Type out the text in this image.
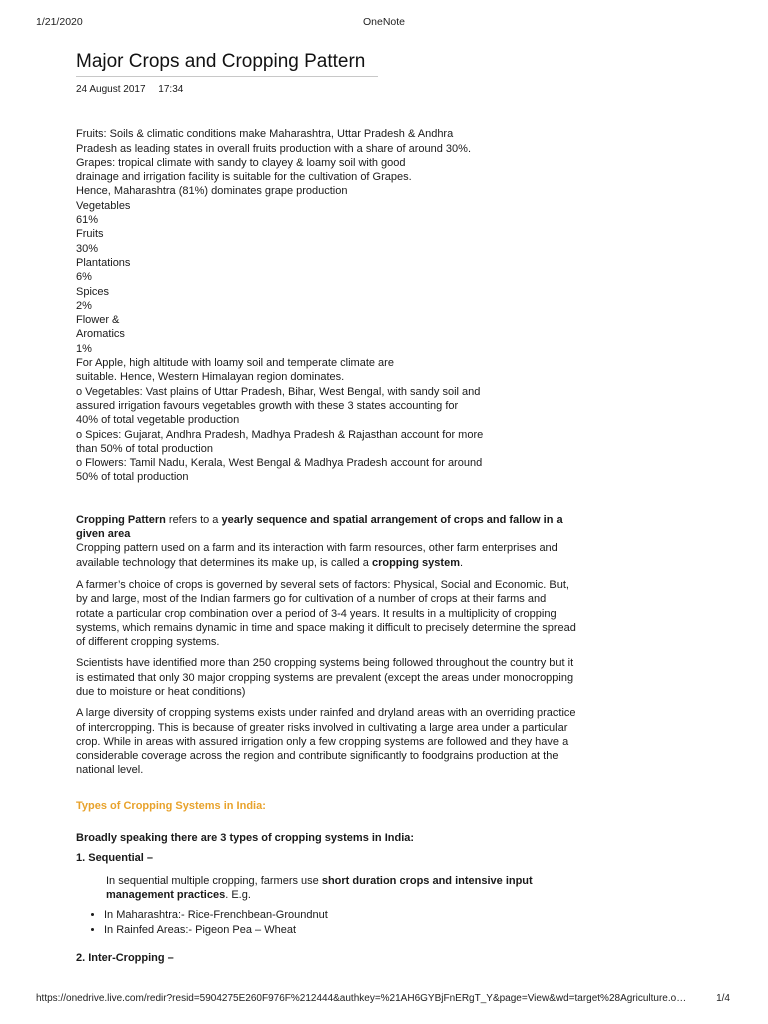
1/21/2020	OneNote
Major Crops and Cropping Pattern
24 August 2017 17:34
Fruits: Soils & climatic conditions make Maharashtra, Uttar Pradesh & Andhra
Pradesh as leading states in overall fruits production with a share of around 30%.
Grapes: tropical climate with sandy to clayey & loamy soil with good
drainage and irrigation facility is suitable for the cultivation of Grapes.
Hence, Maharashtra (81%) dominates grape production
Vegetables
61%
Fruits
30%
Plantations
6%
Spices
2%
Flower &
Aromatics
1%
For Apple, high altitude with loamy soil and temperate climate are
suitable. Hence, Western Himalayan region dominates.
o Vegetables: Vast plains of Uttar Pradesh, Bihar, West Bengal, with sandy soil and
assured irrigation favours vegetables growth with these 3 states accounting for
40% of total vegetable production
o Spices: Gujarat, Andhra Pradesh, Madhya Pradesh & Rajasthan account for more
than 50% of total production
o Flowers: Tamil Nadu, Kerala, West Bengal & Madhya Pradesh account for around
50% of total production
Cropping Pattern refers to a yearly sequence and spatial arrangement of crops and fallow in a given area
Cropping pattern used on a farm and its interaction with farm resources, other farm enterprises and available technology that determines its make up, is called a cropping system.
A farmer’s choice of crops is governed by several sets of factors: Physical, Social and Economic. But, by and large, most of the Indian farmers go for cultivation of a number of crops at their farms and rotate a particular crop combination over a period of 3-4 years. It results in a multiplicity of cropping systems, which remains dynamic in time and space making it difficult to precisely determine the spread of different cropping systems.
Scientists have identified more than 250 cropping systems being followed throughout the country but it is estimated that only 30 major cropping systems are prevalent (except the areas under monocropping due to moisture or heat conditions)
A large diversity of cropping systems exists under rainfed and dryland areas with an overriding practice of intercropping. This is because of greater risks involved in cultivating a large area under a particular crop. While in areas with assured irrigation only a few cropping systems are followed and they have a considerable coverage across the region and contribute significantly to foodgrains production at the national level.
Types of Cropping Systems in India:
Broadly speaking there are 3 types of cropping systems in India:
1. Sequential –
In sequential multiple cropping, farmers use short duration crops and intensive input management practices. E.g.
• In Maharashtra:- Rice-Frenchbean-Groundnut
• In Rainfed Areas:- Pigeon Pea – Wheat
2. Inter-Cropping –
https://onedrive.live.com/redir?resid=5904275E260F976F%212444&authkey=%21AH6GYBjFnERgT_Y&page=View&wd=target%28Agriculture.o…	1/4
